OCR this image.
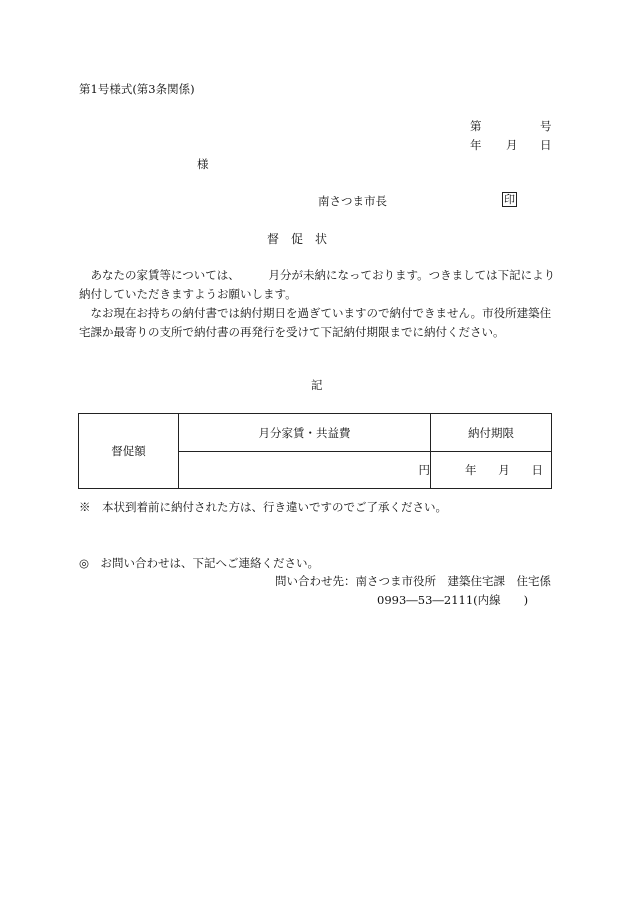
第1号様式(第3条関係)
第	号
年 月 日
様
南さつま市長	印
督　促　状

　あなたの家賃等については、　　　月分が未納になっております。つきましては下記により納付していただきますようお願いします。

　なお現在お持ちの納付書では納付期日を過ぎていますので納付できません。市役所建築住宅課か最寄りの支所で納付書の再発行を受けて下記納付期限までに納付ください。

記
督促額	月分家賃・共益費	納付期限
	円	年 月 日
※　本状到着前に納付された方は、行き違いですのでご了承ください。
◎　お問い合わせは、下記へご連絡ください。
問い合わせ先：南さつま市役所　建築住宅課　住宅係
0993―53―2111(内線　　)
